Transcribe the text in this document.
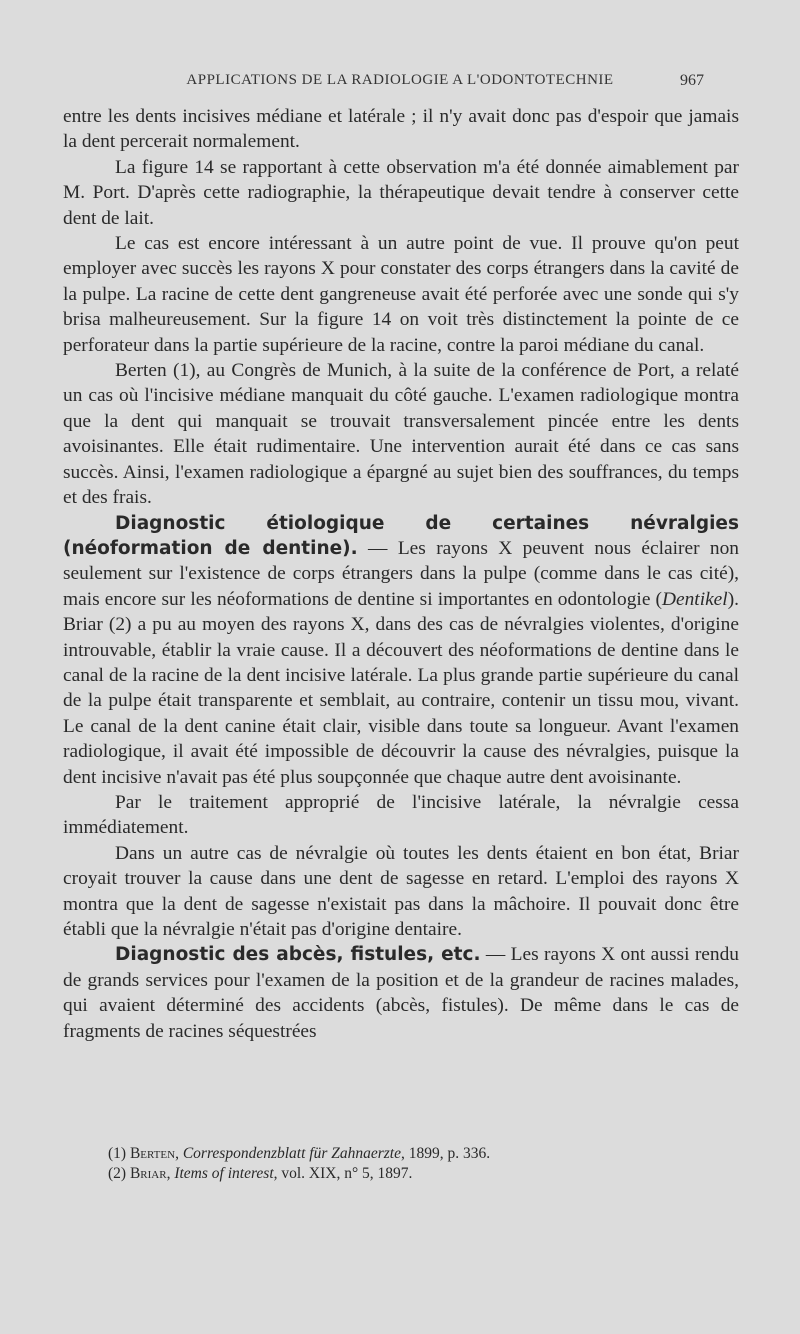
APPLICATIONS DE LA RADIOLOGIE A L'ODONTOTECHNIE	967

entre les dents incisives médiane et latérale ; il n'y avait donc pas d'espoir que jamais la dent percerait normalement.

La figure 14 se rapportant à cette observation m'a été donnée aimablement par M. Port. D'après cette radiographie, la thérapeutique devait tendre à conserver cette dent de lait.

Le cas est encore intéressant à un autre point de vue. Il prouve qu'on peut employer avec succès les rayons X pour constater des corps étrangers dans la cavité de la pulpe. La racine de cette dent gangreneuse avait été perforée avec une sonde qui s'y brisa malheureusement. Sur la figure 14 on voit très distinctement la pointe de ce perforateur dans la partie supérieure de la racine, contre la paroi médiane du canal.

Berten (1), au Congrès de Munich, à la suite de la conférence de Port, a relaté un cas où l'incisive médiane manquait du côté gauche. L'examen radiologique montra que la dent qui manquait se trouvait transversalement pincée entre les dents avoisinantes. Elle était rudimentaire. Une intervention aurait été dans ce cas sans succès. Ainsi, l'examen radiologique a épargné au sujet bien des souffrances, du temps et des frais.

Diagnostic étiologique de certaines névralgies (néoformation de dentine). — Les rayons X peuvent nous éclairer non seulement sur l'existence de corps étrangers dans la pulpe (comme dans le cas cité), mais encore sur les néoformations de dentine si importantes en odontologie (Dentikel). Briar (2) a pu au moyen des rayons X, dans des cas de névralgies violentes, d'origine introuvable, établir la vraie cause. Il a découvert des néoformations de dentine dans le canal de la racine de la dent incisive latérale. La plus grande partie supérieure du canal de la pulpe était transparente et semblait, au contraire, contenir un tissu mou, vivant. Le canal de la dent canine était clair, visible dans toute sa longueur. Avant l'examen radiologique, il avait été impossible de découvrir la cause des névralgies, puisque la dent incisive n'avait pas été plus soupçonnée que chaque autre dent avoisinante.

Par le traitement approprié de l'incisive latérale, la névralgie cessa immédiatement.

Dans un autre cas de névralgie où toutes les dents étaient en bon état, Briar croyait trouver la cause dans une dent de sagesse en retard. L'emploi des rayons X montra que la dent de sagesse n'existait pas dans la mâchoire. Il pouvait donc être établi que la névralgie n'était pas d'origine dentaire.

Diagnostic des abcès, fistules, etc. — Les rayons X ont aussi rendu de grands services pour l'examen de la position et de la grandeur de racines malades, qui avaient déterminé des accidents (abcès, fistules). De même dans le cas de fragments de racines séquestrées

(1) Berten, Correspondenzblatt für Zahnaerzte, 1899, p. 336.

(2) Briar, Items of interest, vol. XIX, n° 5, 1897.
